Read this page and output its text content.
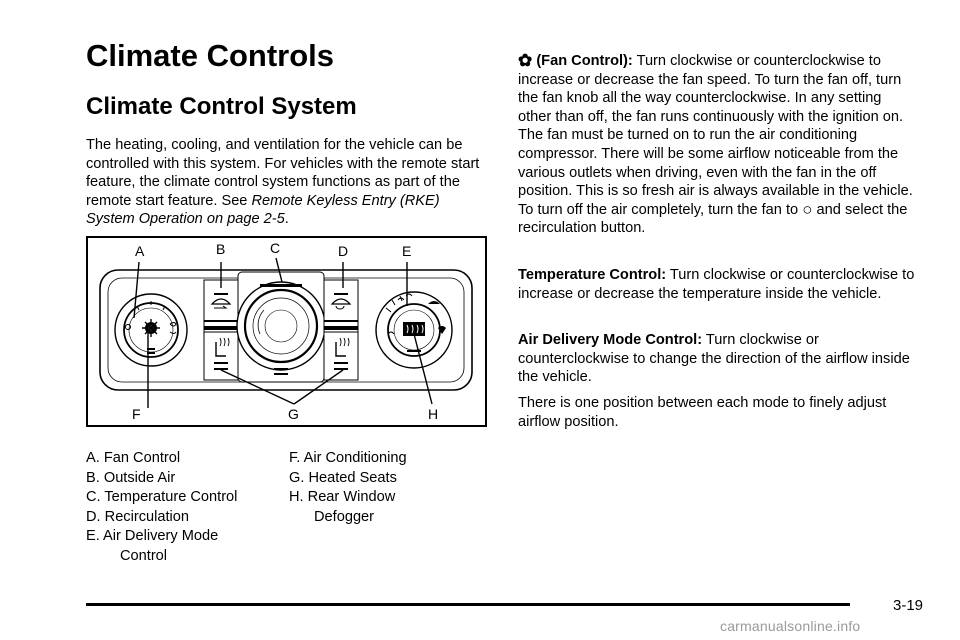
Climate Controls
Climate Control System

The heating, cooling, and ventilation for the vehicle can be controlled with this system. For vehicles with the remote start feature, the climate control system functions as part of the remote start feature. See Remote Keyless Entry (RKE) System Operation on page 2-5.

A	B	C	D	E
F	G	H
A. Fan Control
B. Outside Air
C. Temperature Control
D. Recirculation
E. Air Delivery Mode
Control
F. Air Conditioning
G. Heated Seats
H. Rear Window
Defogger

✿ (Fan Control): Turn clockwise or counterclockwise to increase or decrease the fan speed. To turn the fan off, turn the fan knob all the way counterclockwise. In any setting other than off, the fan runs continuously with the ignition on. The fan must be turned on to run the air conditioning compressor. There will be some airflow noticeable from the various outlets when driving, even with the fan in the off position. This is so fresh air is always available in the vehicle. To turn off the air completely, turn the fan to ○ and select the recirculation button.

Temperature Control: Turn clockwise or counterclockwise to increase or decrease the temperature inside the vehicle.

Air Delivery Mode Control: Turn clockwise or counterclockwise to change the direction of the airflow inside the vehicle.

There is one position between each mode to finely adjust airflow position.

3-19
carmanualsonline.info
